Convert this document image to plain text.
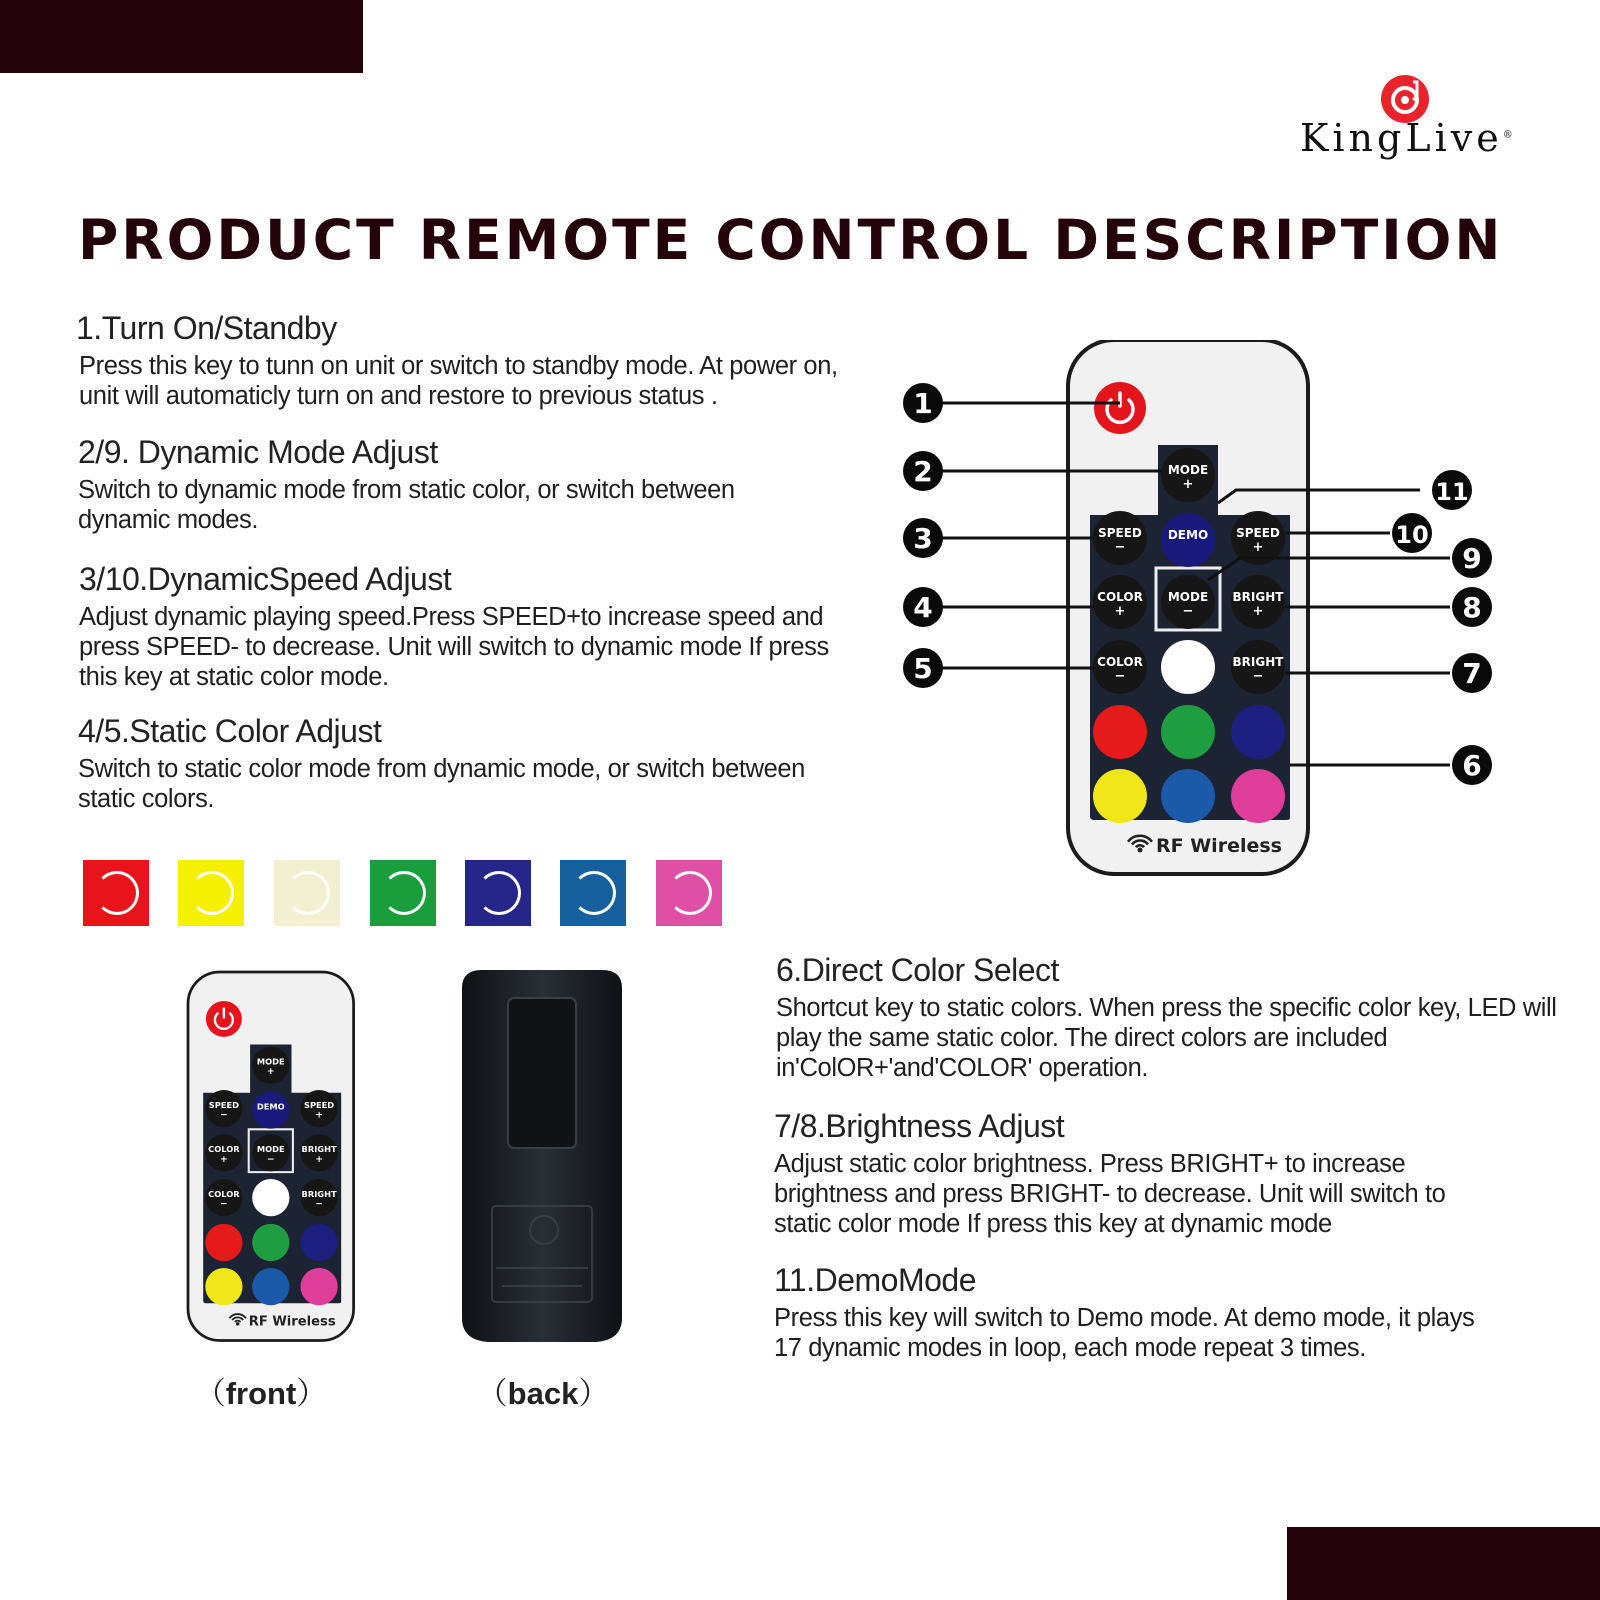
KingLive®
PRODUCT REMOTE CONTROL DESCRIPTION
1.Turn On/Standby

Press this key to tunn on unit or switch to standby mode. At power on, unit will automaticly turn on and restore to previous status .

2/9. Dynamic Mode Adjust

Switch to dynamic mode from static color, or switch between dynamic modes.

3/10.DynamicSpeed Adjust

Adjust dynamic playing speed.Press SPEED+to increase speed and press SPEED- to decrease. Unit will switch to dynamic mode If press this key at static color mode.

4/5.Static Color Adjust

Switch to static color mode from dynamic mode, or switch between static colors.

MODE
+
SPEED
−
DEMO SPEED
+
COLOR
+
MODE
−
BRIGHT
+
COLOR
−
BRIGHT
−
RF Wireless
1
2
3
4
5
6
7
8
9
10
11
6.Direct Color Select

Shortcut key to static colors. When press the specific color key, LED will play the same static color. The direct colors are included in'ColOR+'and'COLOR' operation.

7/8.Brightness Adjust

Adjust static color brightness. Press BRIGHT+ to increase brightness and press BRIGHT- to decrease. Unit will switch to static color mode If press this key at dynamic mode

11.DemoMode

Press this key will switch to Demo mode. At demo mode, it plays 17 dynamic modes in loop, each mode repeat 3 times.

MODE
+
SPEED
−
DEMO SPEED
+
COLOR
+
MODE
−
BRIGHT
+
COLOR
−
BRIGHT
−
RF Wireless
（front）	（back）
